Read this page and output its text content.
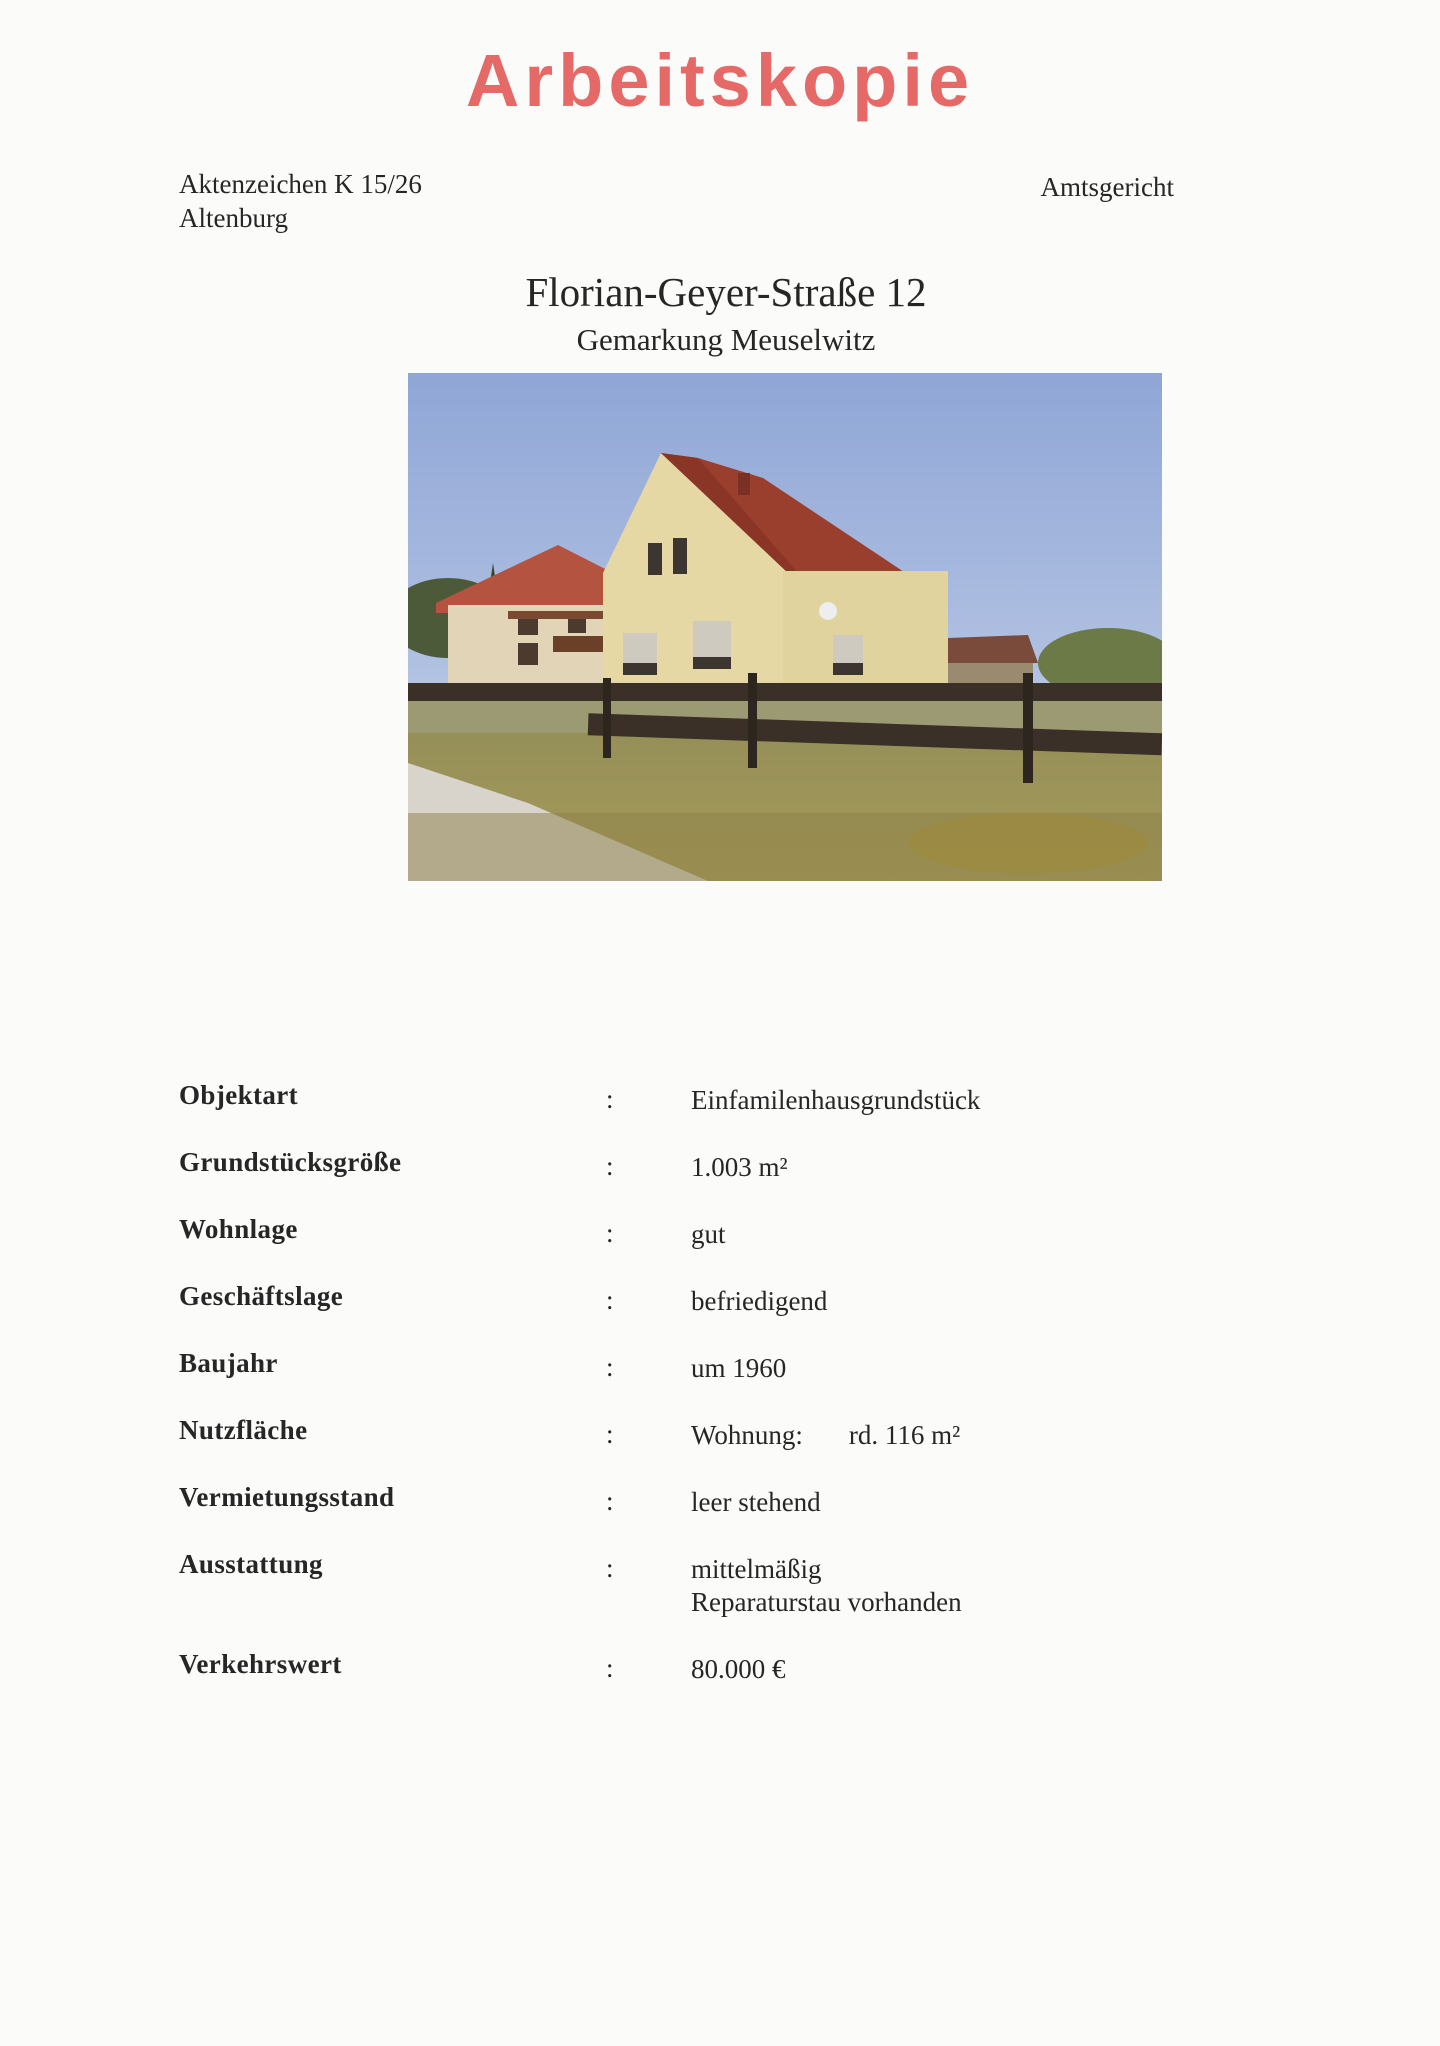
Arbeitskopie
Aktenzeichen K 15/26
Altenburg
Amtsgericht
Florian-Geyer-Straße 12
Gemarkung Meuselwitz
Objektart	:	Einfamilenhausgrundstück
Grundstücksgröße	:	1.003 m²
Wohnlage	:	gut
Geschäftslage	:	befriedigend
Baujahr	:	um 1960
Nutzfläche	:	Wohnung: rd. 116 m²
Vermietungsstand	:	leer stehend
Ausstattung	:	mittelmäßig
Reparaturstau vorhanden
Verkehrswert	:	80.000 €
